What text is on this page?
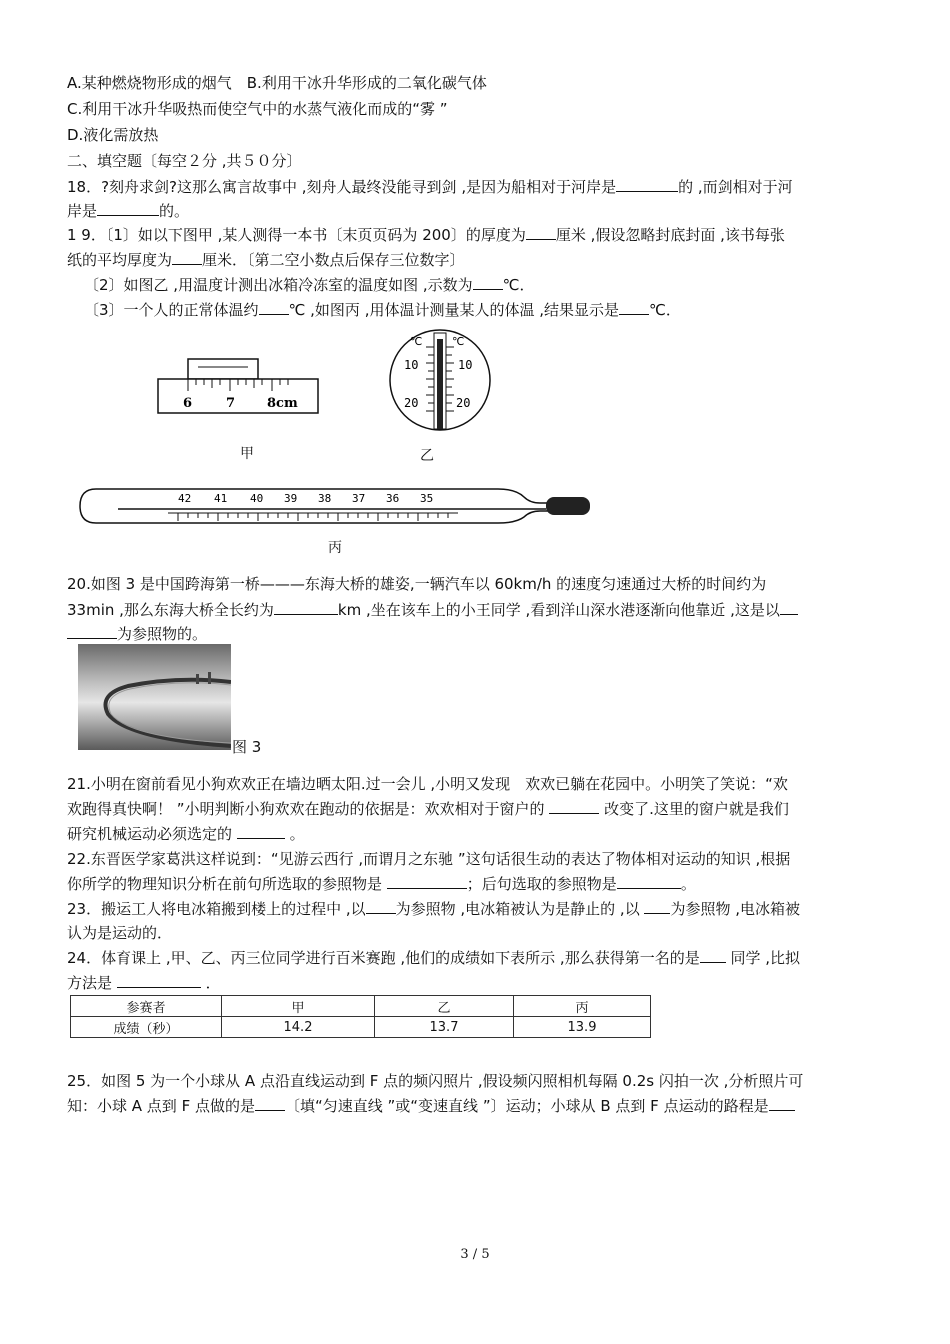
A.某种燃烧物形成的烟气　B.利用干冰升华形成的二氧化碳气体
C.利用干冰升华吸热而使空气中的水蒸气液化而成的“雾 ”
D.液化需放热
二、填空题〔每空２分 ,共５０分〕
18．?刻舟求剑?这那么寓言故事中 ,刻舟人最终没能寻到剑 ,是因为船相对于河岸是	的 ,而剑相对于河
岸是	的。
1 9．〔1〕如以下图甲 ,某人测得一本书〔末页页码为 200〕的厚度为 厘米 ,假设忽略封底封面 ,该书每张
纸的平均厚度为 厘米．〔第二空小数点后保存三位数字〕
〔2〕如图乙 ,用温度计测出冰箱冷冻室的温度如图 ,示数为 ℃．
〔3〕一个人的正常体温约 ℃ ,如图丙 ,用体温计测量某人的体温 ,结果显示是 ℃．
6	7 8cm
甲
℃	℃
10	10
20	20
乙
42 41 40 39 38 37 36 35
丙
20.如图 3 是中国跨海第一桥———东海大桥的雄姿,一辆汽车以 60km/h 的速度匀速通过大桥的时间约为
33min ,那么东海大桥全长约为	km ,坐在该车上的小王同学 ,看到洋山深水港逐渐向他靠近 ,这是以
为参照物的。
图 3
21.小明在窗前看见小狗欢欢正在墙边晒太阳.过一会儿 ,小明又发现　欢欢已躺在花园中。小明笑了笑说：“欢
欢跑得真快啊！ ”小明判断小狗欢欢在跑动的依据是：欢欢相对于窗户的	改变了.这里的窗户就是我们
研究机械运动必须选定的	。
22.东晋医学家葛洪这样说到：“见游云西行 ,而谓月之东驰 ”这句话很生动的表达了物体相对运动的知识 ,根据
你所学的物理知识分析在前句所选取的参照物是	；后句选取的参照物是	。
23．搬运工人将电冰箱搬到楼上的过程中 ,以 为参照物 ,电冰箱被认为是静止的 ,以 为参照物 ,电冰箱被
认为是运动的．
24．体育课上 ,甲、乙、丙三位同学进行百米赛跑 ,他们的成绩如下表所示 ,那么获得第一名的是 同学 ,比拟
方法是	．
参赛者	甲	乙	丙
成绩（秒）	14.2	13.7	13.9
25．如图 5 为一个小球从 A 点沿直线运动到 F 点的频闪照片 ,假设频闪照相机每隔 0.2s 闪拍一次 ,分析照片可
知：小球 A 点到 F 点做的是 〔填“匀速直线 ”或“变速直线 ”〕运动；小球从 B 点到 F 点运动的路程是
3 / 5
